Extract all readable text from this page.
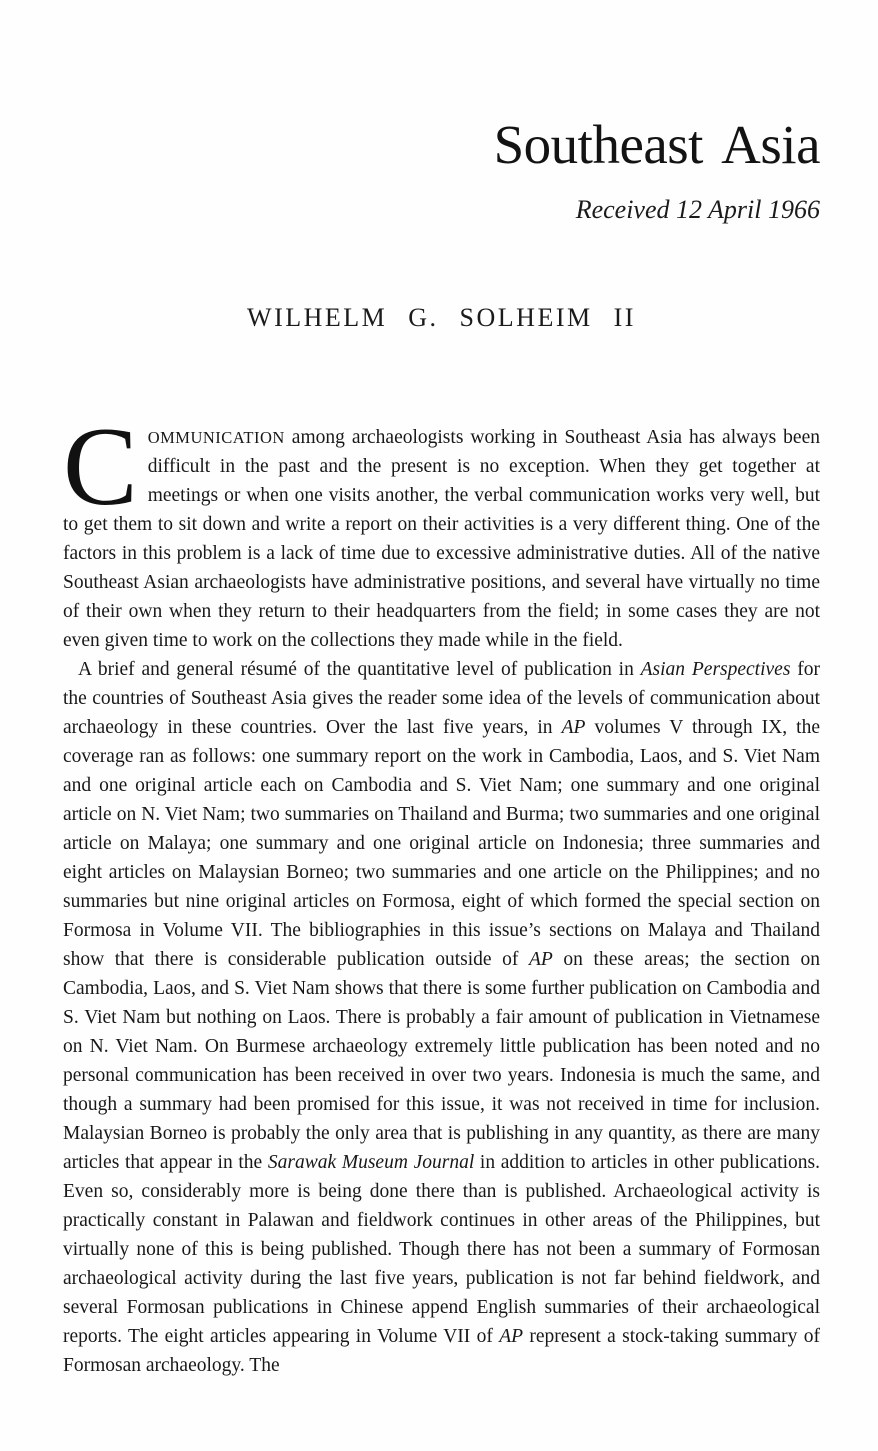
Southeast Asia
Received 12 April 1966
WILHELM G. SOLHEIM II

C OMMUNICATION among archaeologists working in Southeast Asia has always been difficult in the past and the present is no exception. When they get together at meetings or when one visits another, the verbal communication works very well, but to get them to sit down and write a report on their activities is a very different thing. One of the factors in this problem is a lack of time due to excessive administrative duties. All of the native Southeast Asian archaeologists have administrative positions, and several have virtually no time of their own when they return to their headquarters from the field; in some cases they are not even given time to work on the collections they made while in the field.

A brief and general résumé of the quantitative level of publication in Asian Perspectives for the countries of Southeast Asia gives the reader some idea of the levels of communication about archaeology in these countries. Over the last five years, in AP volumes V through IX, the coverage ran as follows: one summary report on the work in Cambodia, Laos, and S. Viet Nam and one original article each on Cambodia and S. Viet Nam; one summary and one original article on N. Viet Nam; two summaries on Thailand and Burma; two summaries and one original article on Malaya; one summary and one original article on Indonesia; three summaries and eight articles on Malaysian Borneo; two summaries and one article on the Philippines; and no summaries but nine original articles on Formosa, eight of which formed the special section on Formosa in Volume VII. The bibliographies in this issue’s sections on Malaya and Thailand show that there is considerable publication outside of AP on these areas; the section on Cambodia, Laos, and S. Viet Nam shows that there is some further publication on Cambodia and S. Viet Nam but nothing on Laos. There is probably a fair amount of publication in Vietnamese on N. Viet Nam. On Burmese archaeology extremely little publication has been noted and no personal communication has been received in over two years. Indonesia is much the same, and though a summary had been promised for this issue, it was not received in time for inclusion. Malaysian Borneo is probably the only area that is publishing in any quantity, as there are many articles that appear in the Sarawak Museum Journal in addition to articles in other publications. Even so, considerably more is being done there than is published. Archaeological activity is practically constant in Palawan and fieldwork continues in other areas of the Philippines, but virtually none of this is being published. Though there has not been a summary of Formosan archaeological activity during the last five years, publication is not far behind fieldwork, and several Formosan publications in Chinese append English summaries of their archaeological reports. The eight articles appearing in Volume VII of AP represent a stock-taking summary of Formosan archaeology. The
